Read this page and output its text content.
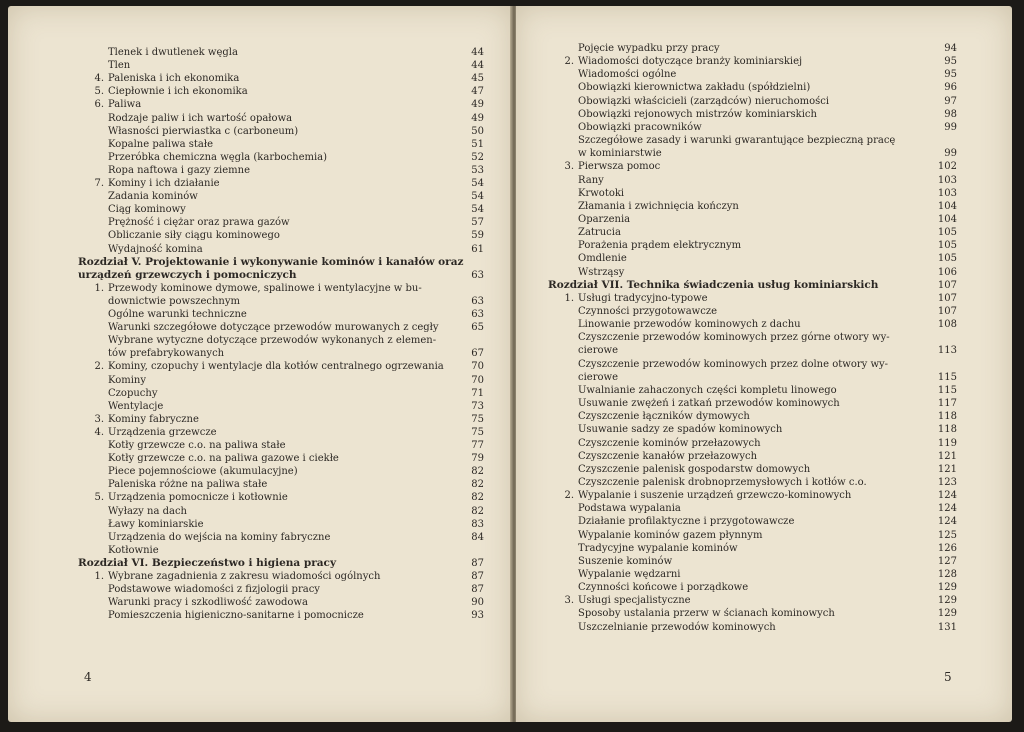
Tlenek i dwutlenek węgla	44
Tlen	44
4. Paleniska i ich ekonomika	45
5. Ciepłownie i ich ekonomika	47
6. Paliwa	49
Rodzaje paliw i ich wartość opałowa	49
Własności pierwiastka c (carboneum)	50
Kopalne paliwa stałe	51
Przeróbka chemiczna węgla (karbochemia)	52
Ropa naftowa i gazy ziemne	53
7. Kominy i ich działanie	54
Zadania kominów	54
Ciąg kominowy	54
Prężność i ciężar oraz prawa gazów	57
Obliczanie siły ciągu kominowego	59
Wydajność komina	61
Rozdział V. Projektowanie i wykonywanie kominów i kanałów oraz
urządzeń grzewczych i pomocniczych	63
1. Przewody kominowe dymowe, spalinowe i wentylacyjne w bu-
downictwie powszechnym	63
Ogólne warunki techniczne	63
Warunki szczegółowe dotyczące przewodów murowanych z cegły	65
Wybrane wytyczne dotyczące przewodów wykonanych z elemen-
tów prefabrykowanych	67
2. Kominy, czopuchy i wentylacje dla kotłów centralnego ogrzewania	70
Kominy	70
Czopuchy	71
Wentylacje	73
3. Kominy fabryczne	75
4. Urządzenia grzewcze	75
Kotły grzewcze c.o. na paliwa stałe	77
Kotły grzewcze c.o. na paliwa gazowe i ciekłe	79
Piece pojemnościowe (akumulacyjne)	82
Paleniska różne na paliwa stałe	82
5. Urządzenia pomocnicze i kotłownie	82
Wyłazy na dach	82
Ławy kominiarskie	83
Urządzenia do wejścia na kominy fabryczne	84
Kotłownie
Rozdział VI. Bezpieczeństwo i higiena pracy	87
1. Wybrane zagadnienia z zakresu wiadomości ogólnych	87
Podstawowe wiadomości z fizjologii pracy	87
Warunki pracy i szkodliwość zawodowa	90
Pomieszczenia higieniczno-sanitarne i pomocnicze	93
4
Pojęcie wypadku przy pracy	94
2. Wiadomości dotyczące branży kominiarskiej	95
Wiadomości ogólne	95
Obowiązki kierownictwa zakładu (spółdzielni)	96
Obowiązki właścicieli (zarządców) nieruchomości	97
Obowiązki rejonowych mistrzów kominiarskich	98
Obowiązki pracowników	99
Szczegółowe zasady i warunki gwarantujące bezpieczną pracę
w kominiarstwie	99
3. Pierwsza pomoc	102
Rany	103
Krwotoki	103
Złamania i zwichnięcia kończyn	104
Oparzenia	104
Zatrucia	105
Porażenia prądem elektrycznym	105
Omdlenie	105
Wstrząsy	106
Rozdział VII. Technika świadczenia usług kominiarskich	107
1. Usługi tradycyjno-typowe	107
Czynności przygotowawcze	107
Linowanie przewodów kominowych z dachu	108
Czyszczenie przewodów kominowych przez górne otwory wy-
cierowe	113
Czyszczenie przewodów kominowych przez dolne otwory wy-
cierowe	115
Uwalnianie zahaczonych części kompletu linowego	115
Usuwanie zwężeń i zatkań przewodów kominowych	117
Czyszczenie łączników dymowych	118
Usuwanie sadzy ze spadów kominowych	118
Czyszczenie kominów przełazowych	119
Czyszczenie kanałów przełazowych	121
Czyszczenie palenisk gospodarstw domowych	121
Czyszczenie palenisk drobnoprzemysłowych i kotłów c.o.	123
2. Wypalanie i suszenie urządzeń grzewczo-kominowych	124
Podstawa wypalania	124
Działanie profilaktyczne i przygotowawcze	124
Wypalanie kominów gazem płynnym	125
Tradycyjne wypalanie kominów	126
Suszenie kominów	127
Wypalanie wędzarni	128
Czynności końcowe i porządkowe	129
3. Usługi specjalistyczne	129
Sposoby ustalania przerw w ścianach kominowych	129
Uszczelnianie przewodów kominowych	131
5
